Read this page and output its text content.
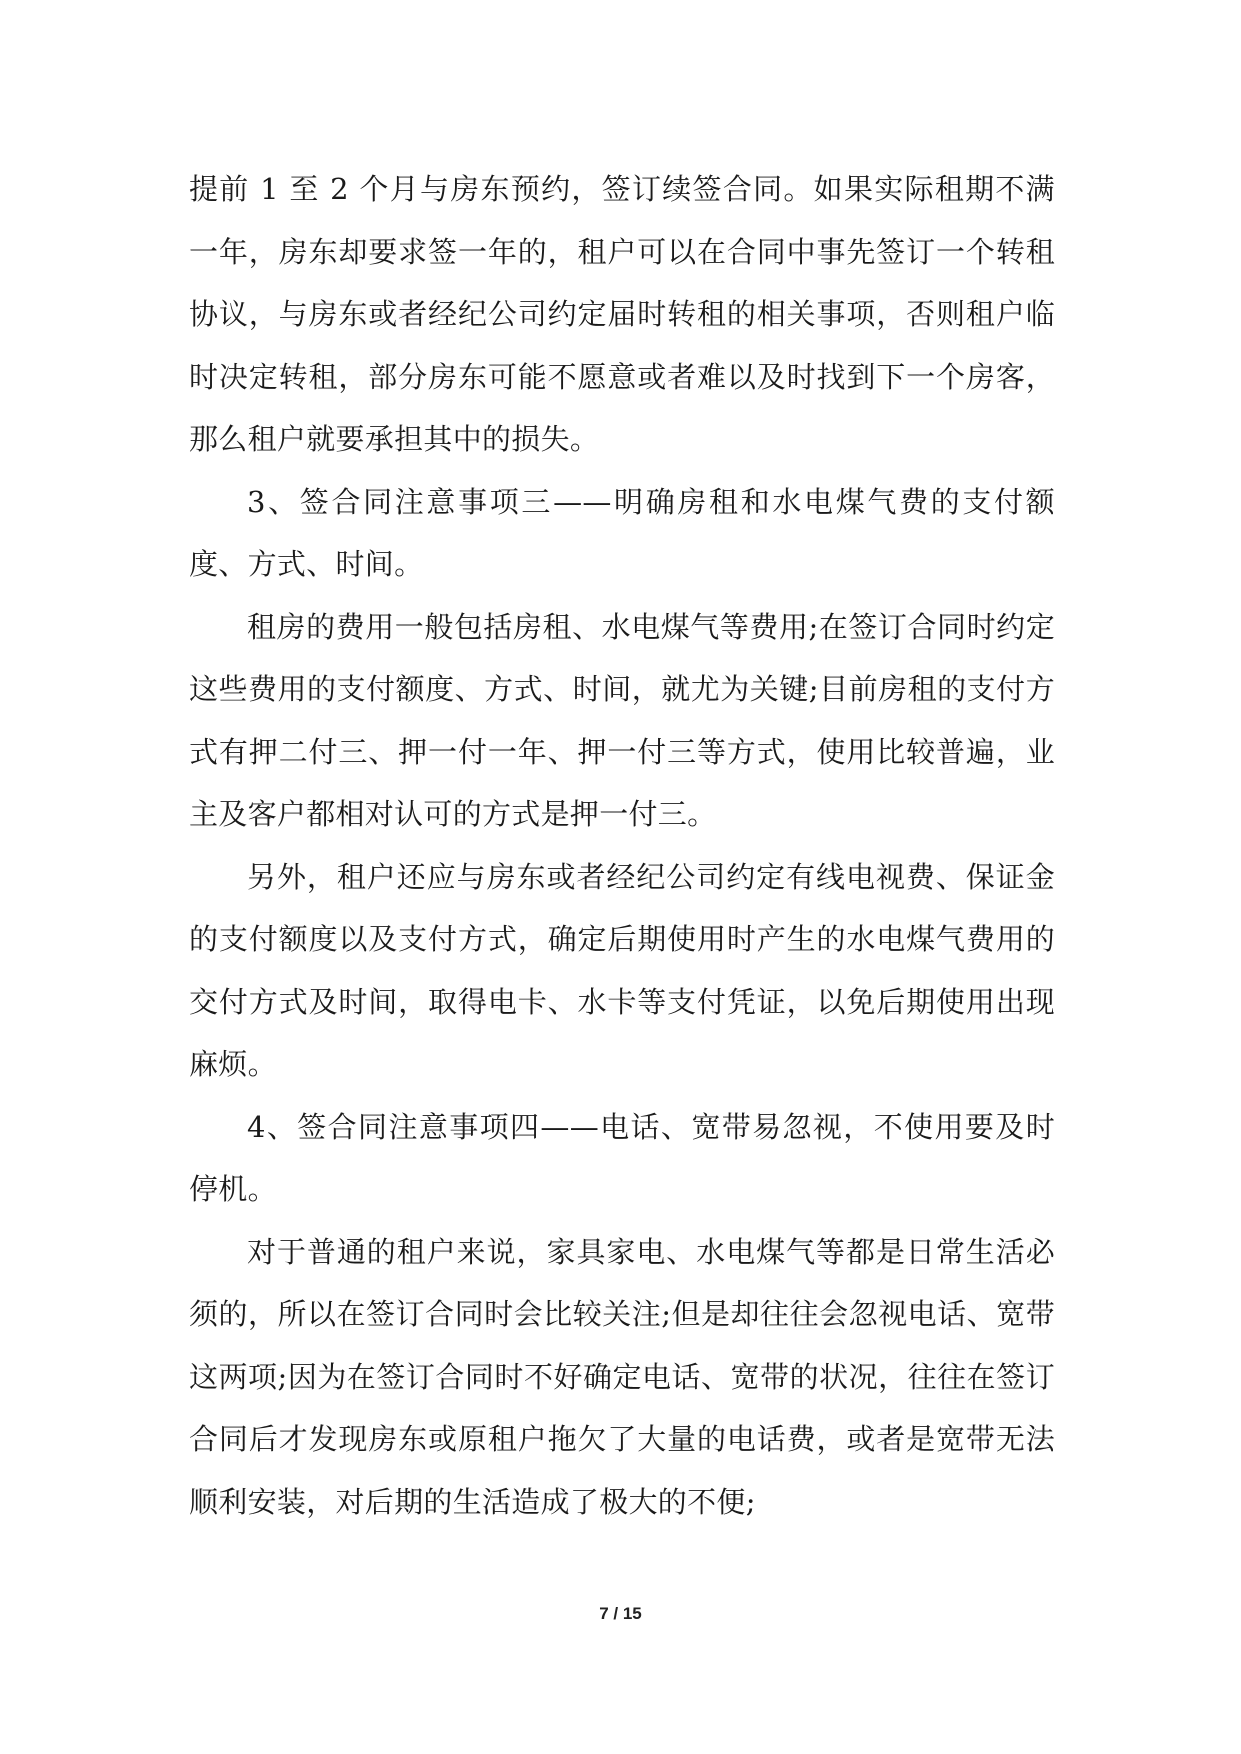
提前 1 至 2 个月与房东预约，签订续签合同。如果实际租期不满一年，房东却要求签一年的，租户可以在合同中事先签订一个转租协议，与房东或者经纪公司约定届时转租的相关事项，否则租户临时决定转租，部分房东可能不愿意或者难以及时找到下一个房客，那么租户就要承担其中的损失。

3、签合同注意事项三——明确房租和水电煤气费的支付额度、方式、时间。

租房的费用一般包括房租、水电煤气等费用;在签订合同时约定这些费用的支付额度、方式、时间，就尤为关键;目前房租的支付方式有押二付三、押一付一年、押一付三等方式，使用比较普遍，业主及客户都相对认可的方式是押一付三。

另外，租户还应与房东或者经纪公司约定有线电视费、保证金的支付额度以及支付方式，确定后期使用时产生的水电煤气费用的交付方式及时间，取得电卡、水卡等支付凭证，以免后期使用出现麻烦。

4、签合同注意事项四——电话、宽带易忽视，不使用要及时停机。

对于普通的租户来说，家具家电、水电煤气等都是日常生活必须的，所以在签订合同时会比较关注;但是却往往会忽视电话、宽带这两项;因为在签订合同时不好确定电话、宽带的状况，往往在签订合同后才发现房东或原租户拖欠了大量的电话费，或者是宽带无法顺利安装，对后期的生活造成了极大的不便;

7 / 15
